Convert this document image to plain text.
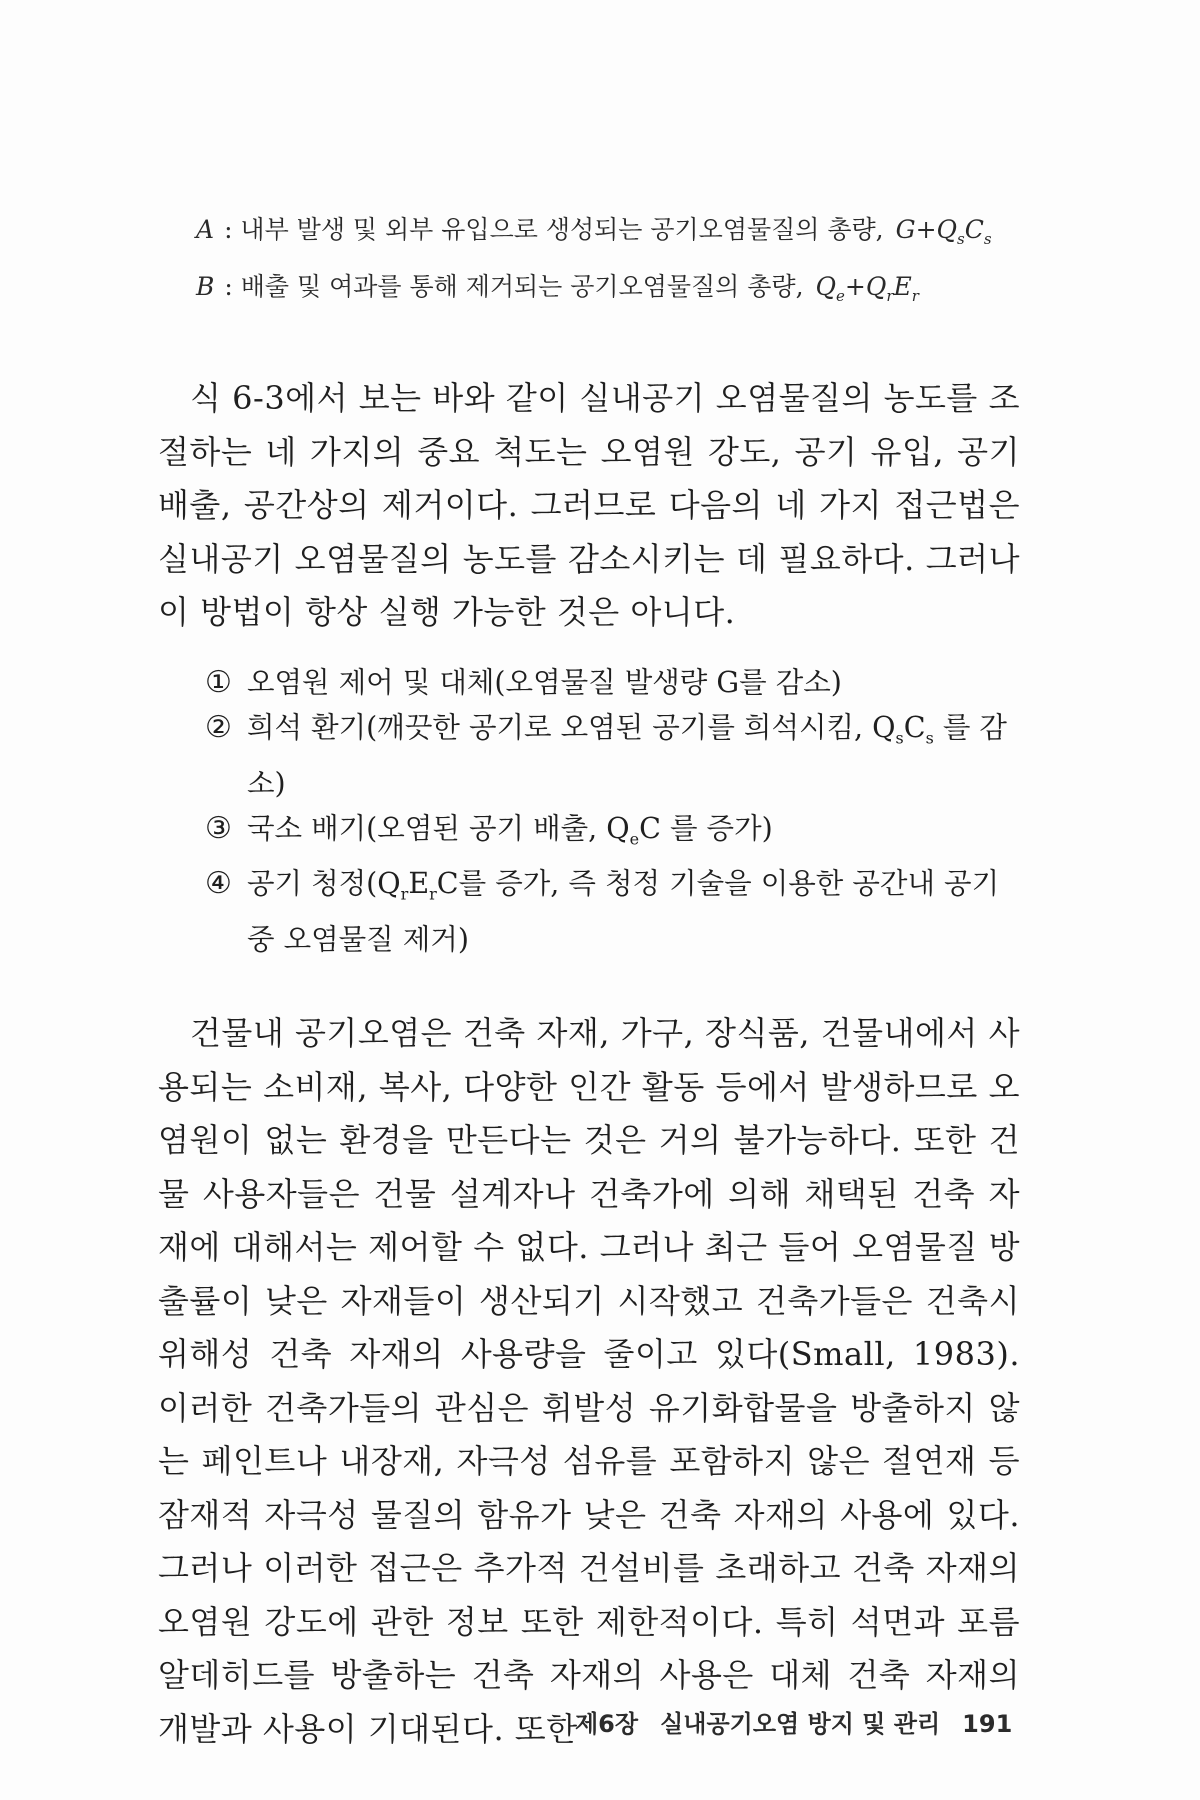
A : 내부 발생 및 외부 유입으로 생성되는 공기오염물질의 총량, $G+Q_sC_s$
B : 배출 및 여과를 통해 제거되는 공기오염물질의 총량, $Q_e+Q_rE_r$

식 6-3에서 보는 바와 같이 실내공기 오염물질의 농도를 조절하는 네 가지의 중요 척도는 오염원 강도, 공기 유입, 공기 배출, 공간상의 제거이다. 그러므로 다음의 네 가지 접근법은 실내공기 오염물질의 농도를 감소시키는 데 필요하다. 그러나 이 방법이 항상 실행 가능한 것은 아니다.

① 오염원 제어 및 대체(오염물질 발생량 G를 감소)
② 희석 환기(깨끗한 공기로 오염된 공기를 희석시킴, $Q_sC_s$ 를 감소)
③ 국소 배기(오염된 공기 배출, $Q_eC$ 를 증가)
④ 공기 청정($Q_rE_rC$를 증가, 즉 청정 기술을 이용한 공간내 공기 중 오염물질 제거)

건물내 공기오염은 건축 자재, 가구, 장식품, 건물내에서 사용되는 소비재, 복사, 다양한 인간 활동 등에서 발생하므로 오염원이 없는 환경을 만든다는 것은 거의 불가능하다. 또한 건물 사용자들은 건물 설계자나 건축가에 의해 채택된 건축 자재에 대해서는 제어할 수 없다. 그러나 최근 들어 오염물질 방출률이 낮은 자재들이 생산되기 시작했고 건축가들은 건축시 위해성 건축 자재의 사용량을 줄이고 있다(Small, 1983). 이러한 건축가들의 관심은 휘발성 유기화합물을 방출하지 않는 페인트나 내장재, 자극성 섬유를 포함하지 않은 절연재 등 잠재적 자극성 물질의 함유가 낮은 건축 자재의 사용에 있다. 그러나 이러한 접근은 추가적 건설비를 초래하고 건축 자재의 오염원 강도에 관한 정보 또한 제한적이다. 특히 석면과 포름알데히드를 방출하는 건축 자재의 사용은 대체 건축 자재의 개발과 사용이 기대된다. 또한

제6장 실내공기오염 방지 및 관리 191
